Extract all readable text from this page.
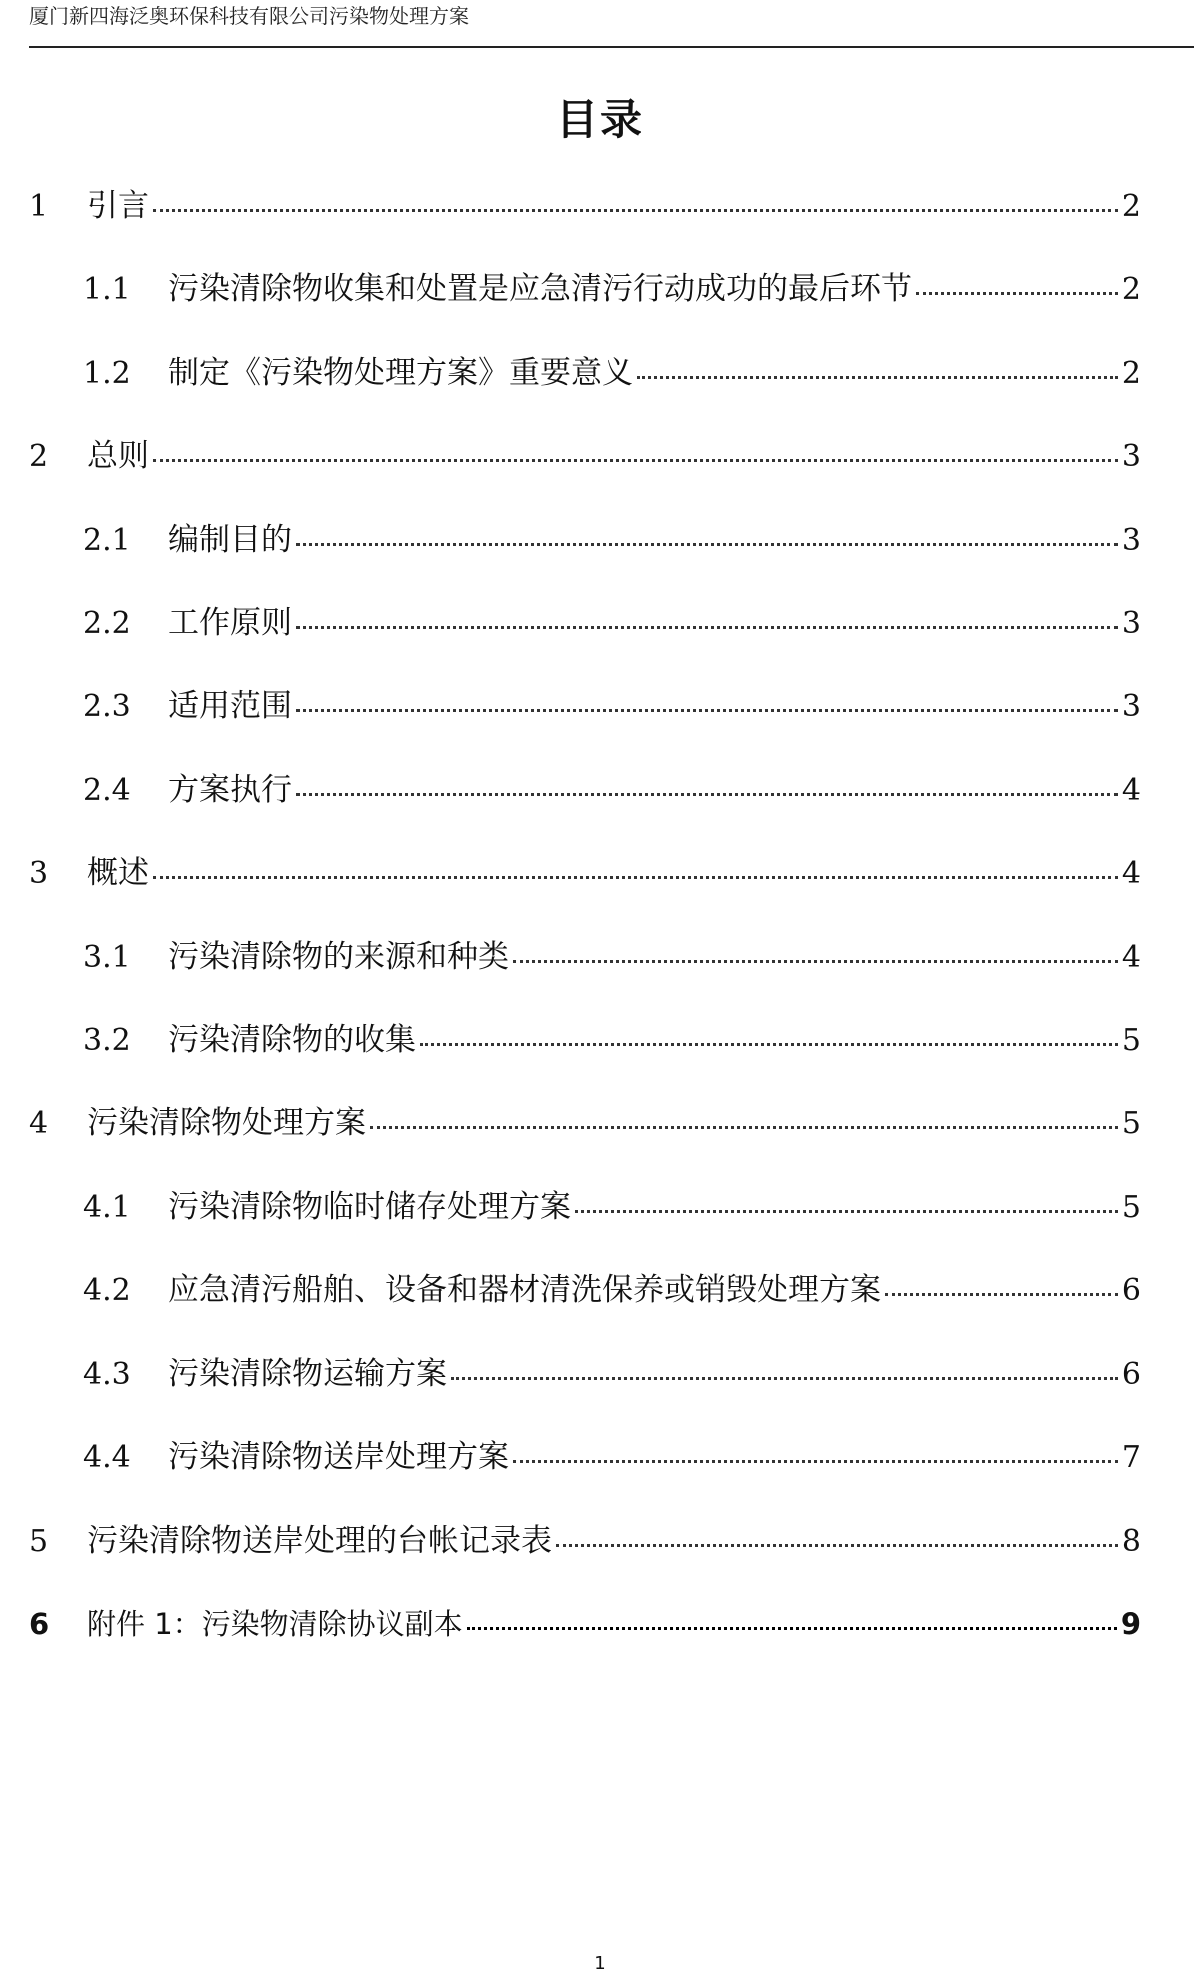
厦门新四海泛奥环保科技有限公司污染物处理方案
目录
1	引言	2
1.1	污染清除物收集和处置是应急清污行动成功的最后环节	2
1.2	制定《污染物处理方案》重要意义	2
2	总则	3
2.1	编制目的	3
2.2	工作原则	3
2.3	适用范围	3
2.4	方案执行	4
3	概述	4
3.1	污染清除物的来源和种类	4
3.2	污染清除物的收集	5
4	污染清除物处理方案	5
4.1	污染清除物临时储存处理方案	5
4.2	应急清污船舶、设备和器材清洗保养或销毁处理方案	6
4.3	污染清除物运输方案	6
4.4	污染清除物送岸处理方案	7
5	污染清除物送岸处理的台帐记录表	8
6	附件 1：污染物清除协议副本	9
1
